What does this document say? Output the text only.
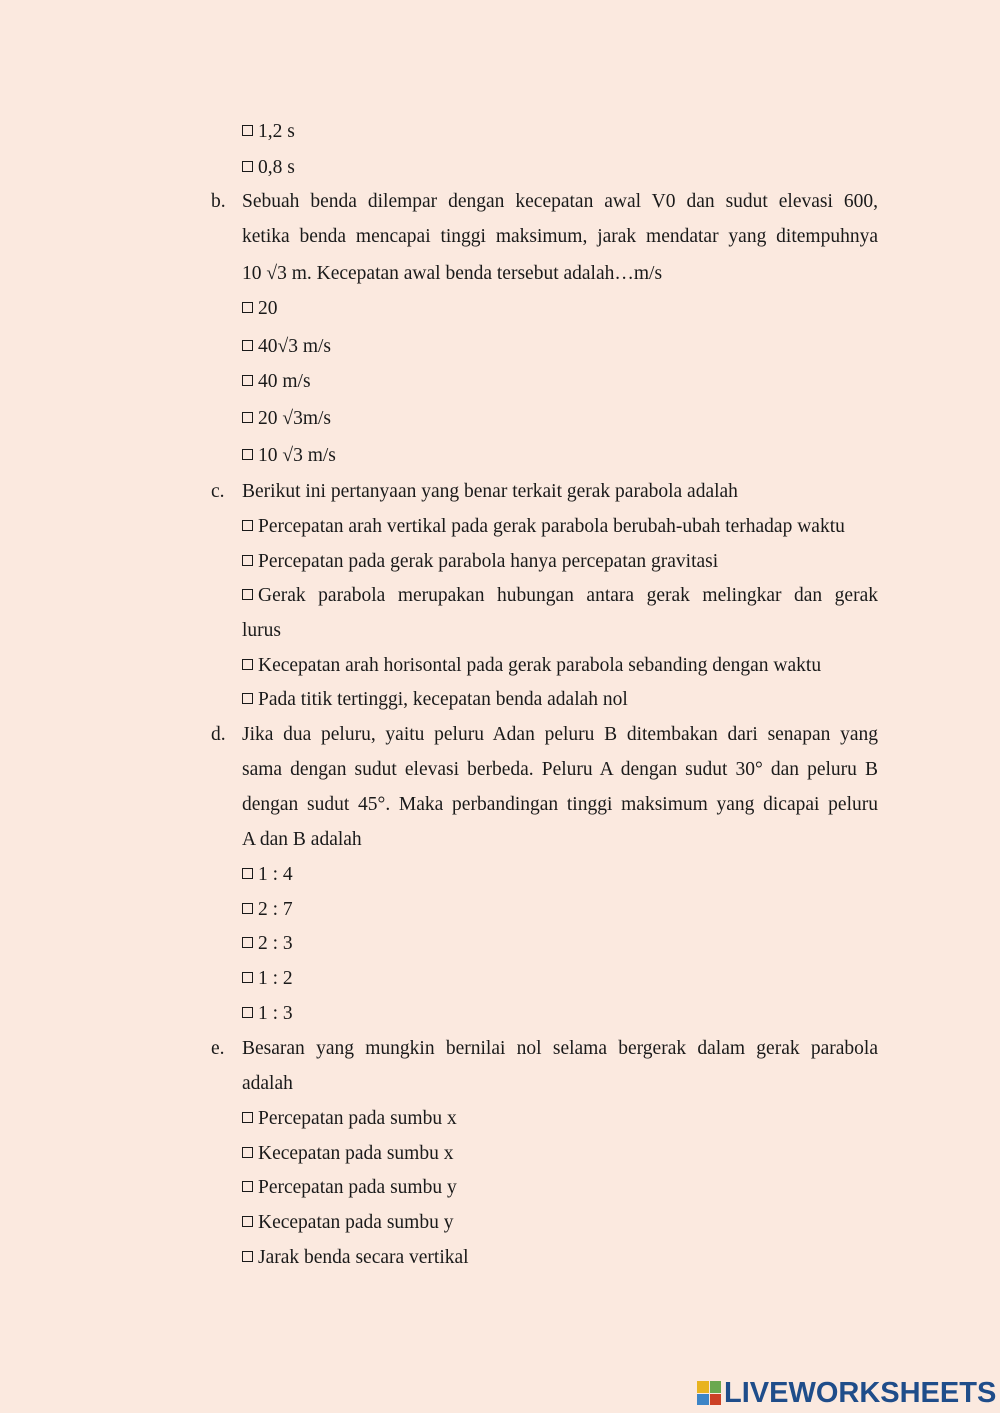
1,2 s
0,8 s
b. Sebuah benda dilempar dengan kecepatan awal V0 dan sudut elevasi 600,
ketika benda mencapai tinggi maksimum, jarak mendatar yang ditempuhnya
10 √3 m. Kecepatan awal benda tersebut adalah…m/s
20
40√3 m/s
40 m/s
20 √3m/s
10 √3 m/s
c. Berikut ini pertanyaan yang benar terkait gerak parabola adalah
Percepatan arah vertikal pada gerak parabola berubah-ubah terhadap waktu
Percepatan pada gerak parabola hanya percepatan gravitasi
Gerak parabola merupakan hubungan antara gerak melingkar dan gerak
lurus
Kecepatan arah horisontal pada gerak parabola sebanding dengan waktu
Pada titik tertinggi, kecepatan benda adalah nol
d. Jika dua peluru, yaitu peluru Adan peluru B ditembakan dari senapan yang
sama dengan sudut elevasi berbeda. Peluru A dengan sudut 30° dan peluru B
dengan sudut 45°. Maka perbandingan tinggi maksimum yang dicapai peluru
A dan B adalah
1 : 4
2 : 7
2 : 3
1 : 2
1 : 3
e. Besaran yang mungkin bernilai nol selama bergerak dalam gerak parabola
adalah
Percepatan pada sumbu x
Kecepatan pada sumbu x
Percepatan pada sumbu y
Kecepatan pada sumbu y
Jarak benda secara vertikal
LIVEWORKSHEETS
